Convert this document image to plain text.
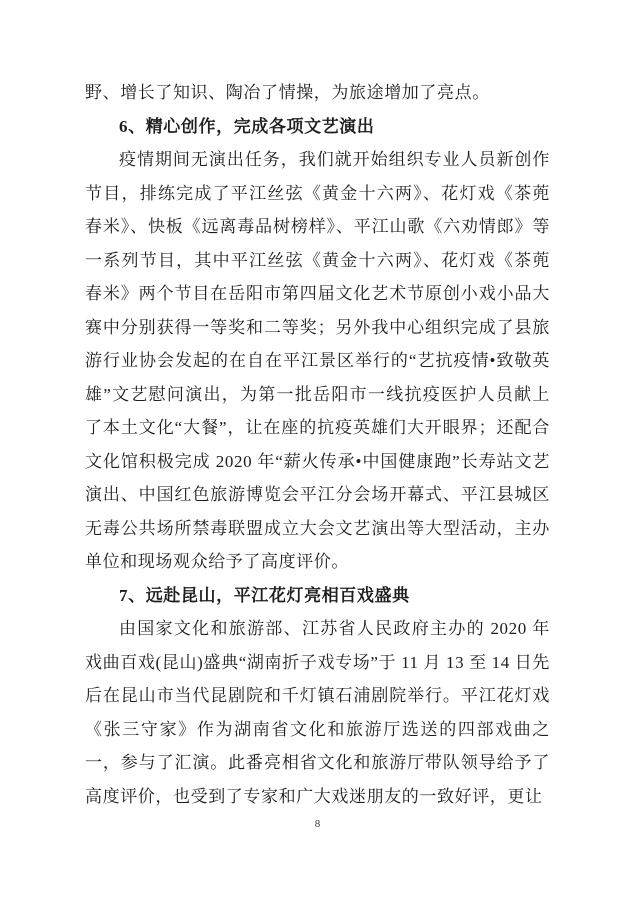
野、增长了知识、陶冶了情操，为旅途增加了亮点。

6、精心创作，完成各项文艺演出

疫情期间无演出任务，我们就开始组织专业人员新创作节目，排练完成了平江丝弦《黄金十六两》、花灯戏《茶蔸春米》、快板《远离毒品树榜样》、平江山歌《六劝情郎》等一系列节目，其中平江丝弦《黄金十六两》、花灯戏《茶蔸春米》两个节目在岳阳市第四届文化艺术节原创小戏小品大赛中分别获得一等奖和二等奖；另外我中心组织完成了县旅游行业协会发起的在自在平江景区举行的“艺抗疫情•致敬英雄”文艺慰问演出，为第一批岳阳市一线抗疫医护人员献上了本土文化“大餐”，让在座的抗疫英雄们大开眼界；还配合文化馆积极完成 2020 年“薪火传承•中国健康跑”长寿站文艺演出、中国红色旅游博览会平江分会场开幕式、平江县城区无毒公共场所禁毒联盟成立大会文艺演出等大型活动，主办单位和现场观众给予了高度评价。

7、远赴昆山，平江花灯亮相百戏盛典

由国家文化和旅游部、江苏省人民政府主办的 2020 年戏曲百戏(昆山)盛典“湖南折子戏专场”于 11 月 13 至 14 日先后在昆山市当代昆剧院和千灯镇石浦剧院举行。平江花灯戏《张三守家》作为湖南省文化和旅游厅选送的四部戏曲之一，参与了汇演。此番亮相省文化和旅游厅带队领导给予了高度评价，也受到了专家和广大戏迷朋友的一致好评，更让

8
